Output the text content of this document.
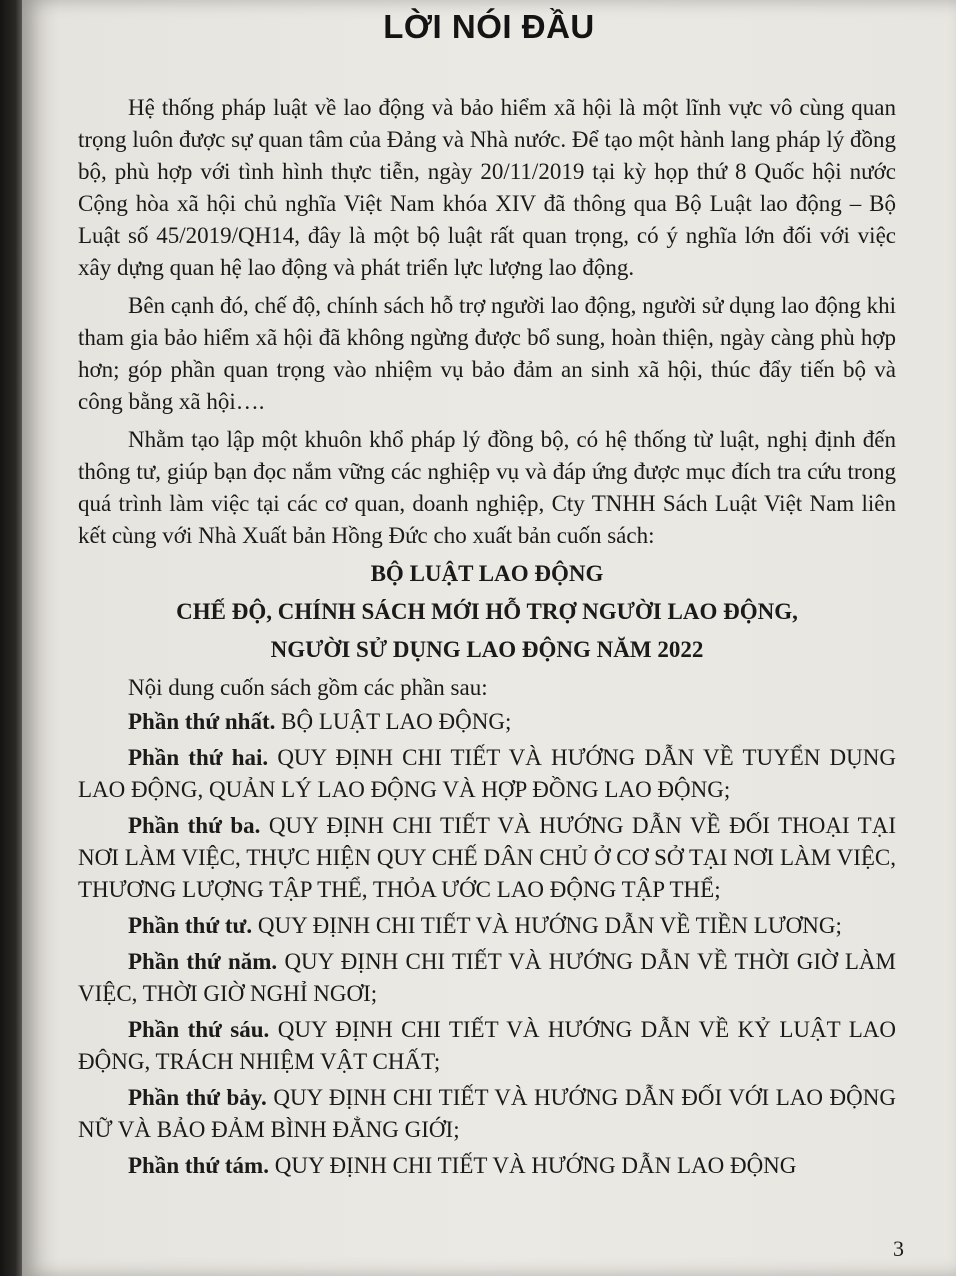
LỜI NÓI ĐẦU

Hệ thống pháp luật về lao động và bảo hiểm xã hội là một lĩnh vực vô cùng quan trọng luôn được sự quan tâm của Đảng và Nhà nước. Để tạo một hành lang pháp lý đồng bộ, phù hợp với tình hình thực tiễn, ngày 20/11/2019 tại kỳ họp thứ 8 Quốc hội nước Cộng hòa xã hội chủ nghĩa Việt Nam khóa XIV đã thông qua Bộ Luật lao động – Bộ Luật số 45/2019/QH14, đây là một bộ luật rất quan trọng, có ý nghĩa lớn đối với việc xây dựng quan hệ lao động và phát triển lực lượng lao động.

Bên cạnh đó, chế độ, chính sách hỗ trợ người lao động, người sử dụng lao động khi tham gia bảo hiểm xã hội đã không ngừng được bổ sung, hoàn thiện, ngày càng phù hợp hơn; góp phần quan trọng vào nhiệm vụ bảo đảm an sinh xã hội, thúc đẩy tiến bộ và công bằng xã hội….

Nhằm tạo lập một khuôn khổ pháp lý đồng bộ, có hệ thống từ luật, nghị định đến thông tư, giúp bạn đọc nắm vững các nghiệp vụ và đáp ứng được mục đích tra cứu trong quá trình làm việc tại các cơ quan, doanh nghiệp, Cty TNHH Sách Luật Việt Nam liên kết cùng với Nhà Xuất bản Hồng Đức cho xuất bản cuốn sách:

BỘ LUẬT LAO ĐỘNG

CHẾ ĐỘ, CHÍNH SÁCH MỚI HỖ TRỢ NGƯỜI LAO ĐỘNG,

NGƯỜI SỬ DỤNG LAO ĐỘNG NĂM 2022

Nội dung cuốn sách gồm các phần sau:

Phần thứ nhất. BỘ LUẬT LAO ĐỘNG;

Phần thứ hai. QUY ĐỊNH CHI TIẾT VÀ HƯỚNG DẪN VỀ TUYỂN DỤNG LAO ĐỘNG, QUẢN LÝ LAO ĐỘNG VÀ HỢP ĐỒNG LAO ĐỘNG;

Phần thứ ba. QUY ĐỊNH CHI TIẾT VÀ HƯỚNG DẪN VỀ ĐỐI THOẠI TẠI NƠI LÀM VIỆC, THỰC HIỆN QUY CHẾ DÂN CHỦ Ở CƠ SỞ TẠI NƠI LÀM VIỆC, THƯƠNG LƯỢNG TẬP THỂ, THỎA ƯỚC LAO ĐỘNG TẬP THỂ;

Phần thứ tư. QUY ĐỊNH CHI TIẾT VÀ HƯỚNG DẪN VỀ TIỀN LƯƠNG;

Phần thứ năm. QUY ĐỊNH CHI TIẾT VÀ HƯỚNG DẪN VỀ THỜI GIỜ LÀM VIỆC, THỜI GIỜ NGHỈ NGƠI;

Phần thứ sáu. QUY ĐỊNH CHI TIẾT VÀ HƯỚNG DẪN VỀ KỶ LUẬT LAO ĐỘNG, TRÁCH NHIỆM VẬT CHẤT;

Phần thứ bảy. QUY ĐỊNH CHI TIẾT VÀ HƯỚNG DẪN ĐỐI VỚI LAO ĐỘNG NỮ VÀ BẢO ĐẢM BÌNH ĐẲNG GIỚI;

Phần thứ tám. QUY ĐỊNH CHI TIẾT VÀ HƯỚNG DẪN LAO ĐỘNG

3
